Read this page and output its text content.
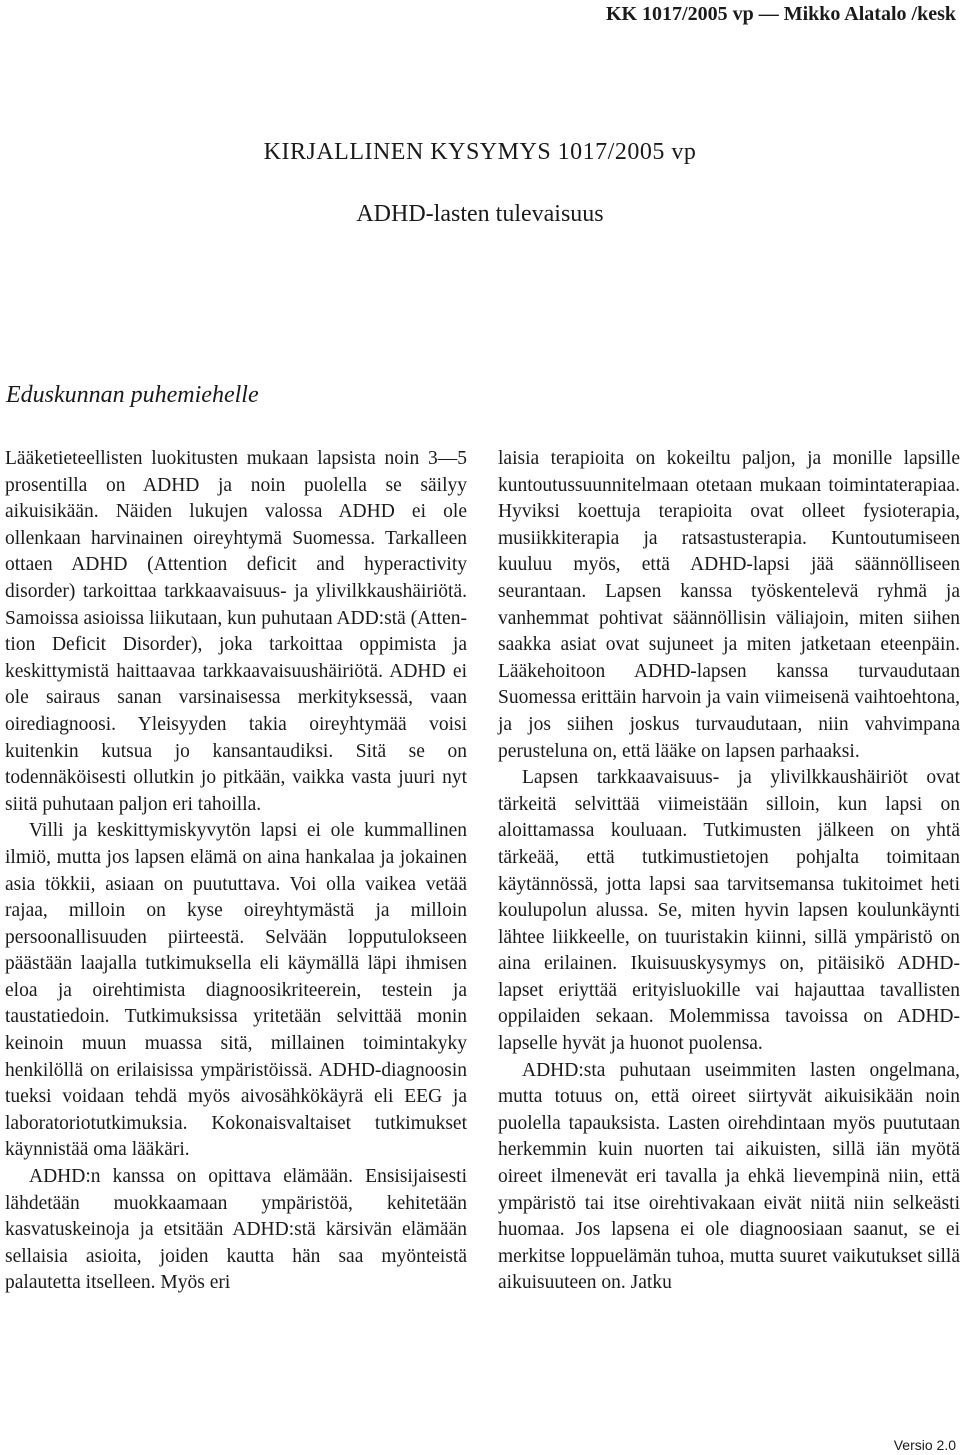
KK 1017/2005 vp — Mikko Alatalo /kesk
KIRJALLINEN KYSYMYS 1017/2005 vp
ADHD-lasten tulevaisuus
Eduskunnan puhemiehelle

Lääketieteellisten luokitusten mukaan lapsista noin 3—5 prosentilla on ADHD ja noin puolella se säilyy aikuisikään. Näiden lukujen valossa ADHD ei ole ollenkaan harvinainen oireyhtymä Suomessa. Tarkalleen ottaen ADHD (Attention deficit and hyperactivity disorder) tarkoittaa tarkkaavaisuus- ja ylivilkkaushäiriötä. Samoissa asioissa liikutaan, kun puhutaan ADD:stä (Attention Deficit Disorder), joka tarkoittaa oppimista ja keskittymistä haittaavaa tarkkaavaisuushäiriötä. ADHD ei ole sairaus sanan varsinaisessa merkityksessä, vaan oirediagnoosi. Yleisyyden takia oireyhtymää voisi kuitenkin kutsua jo kansantaudiksi. Sitä se on todennäköisesti ollutkin jo pitkään, vaikka vasta juuri nyt siitä puhutaan paljon eri tahoilla.

Villi ja keskittymiskyvytön lapsi ei ole kummallinen ilmiö, mutta jos lapsen elämä on aina hankalaa ja jokainen asia tökkii, asiaan on puututtava. Voi olla vaikea vetää rajaa, milloin on kyse oireyhtymästä ja milloin persoonallisuuden piirteestä. Selvään lopputulokseen päästään laajalla tutkimuksella eli käymällä läpi ihmisen eloa ja oirehtimista diagnoosikriteerein, testein ja taustatiedoin. Tutkimuksissa yritetään selvittää monin keinoin muun muassa sitä, millainen toimintakyky henkilöllä on erilaisissa ympäristöissä. ADHD-diagnoosin tueksi voidaan tehdä myös aivosähkökäyrä eli EEG ja laboratoriotutkimuksia. Kokonaisvaltaiset tutkimukset käynnistää oma lääkäri.

ADHD:n kanssa on opittava elämään. Ensisijaisesti lähdetään muokkaamaan ympäristöä, kehitetään kasvatuskeinoja ja etsitään ADHD:stä kärsivän elämään sellaisia asioita, joiden kautta hän saa myönteistä palautetta itselleen. Myös eri

laisia terapioita on kokeiltu paljon, ja monille lapsille kuntoutussuunnitelmaan otetaan mukaan toimintaterapiaa. Hyviksi koettuja terapioita ovat olleet fysioterapia, musiikkiterapia ja ratsastusterapia. Kuntoutumiseen kuuluu myös, että ADHD-lapsi jää säännölliseen seurantaan. Lapsen kanssa työskentelevä ryhmä ja vanhemmat pohtivat säännöllisin väliajoin, miten siihen saakka asiat ovat sujuneet ja miten jatketaan eteenpäin. Lääkehoitoon ADHD-lapsen kanssa turvaudutaan Suomessa erittäin harvoin ja vain viimeisenä vaihtoehtona, ja jos siihen joskus turvaudutaan, niin vahvimpana perusteluna on, että lääke on lapsen parhaaksi.

Lapsen tarkkaavaisuus- ja ylivilkkaushäiriöt ovat tärkeitä selvittää viimeistään silloin, kun lapsi on aloittamassa kouluaan. Tutkimusten jälkeen on yhtä tärkeää, että tutkimustietojen pohjalta toimitaan käytännössä, jotta lapsi saa tarvitsemansa tukitoimet heti koulupolun alussa. Se, miten hyvin lapsen koulunkäynti lähtee liikkeelle, on tuuristakin kiinni, sillä ympäristö on aina erilainen. Ikuisuuskysymys on, pitäisikö ADHD-lapset eriyttää erityisluokille vai hajauttaa tavallisten oppilaiden sekaan. Molemmissa tavoissa on ADHD-lapselle hyvät ja huonot puolensa.

ADHD:sta puhutaan useimmiten lasten ongelmana, mutta totuus on, että oireet siirtyvät aikuisikään noin puolella tapauksista. Lasten oirehdintaan myös puututaan herkemmin kuin nuorten tai aikuisten, sillä iän myötä oireet ilmenevät eri tavalla ja ehkä lievempinä niin, että ympäristö tai itse oirehtivakaan eivät niitä niin selkeästi huomaa. Jos lapsena ei ole diagnoosiaan saanut, se ei merkitse loppuelämän tuhoa, mutta suuret vaikutukset sillä aikuisuuteen on. Jatku

Versio 2.0
